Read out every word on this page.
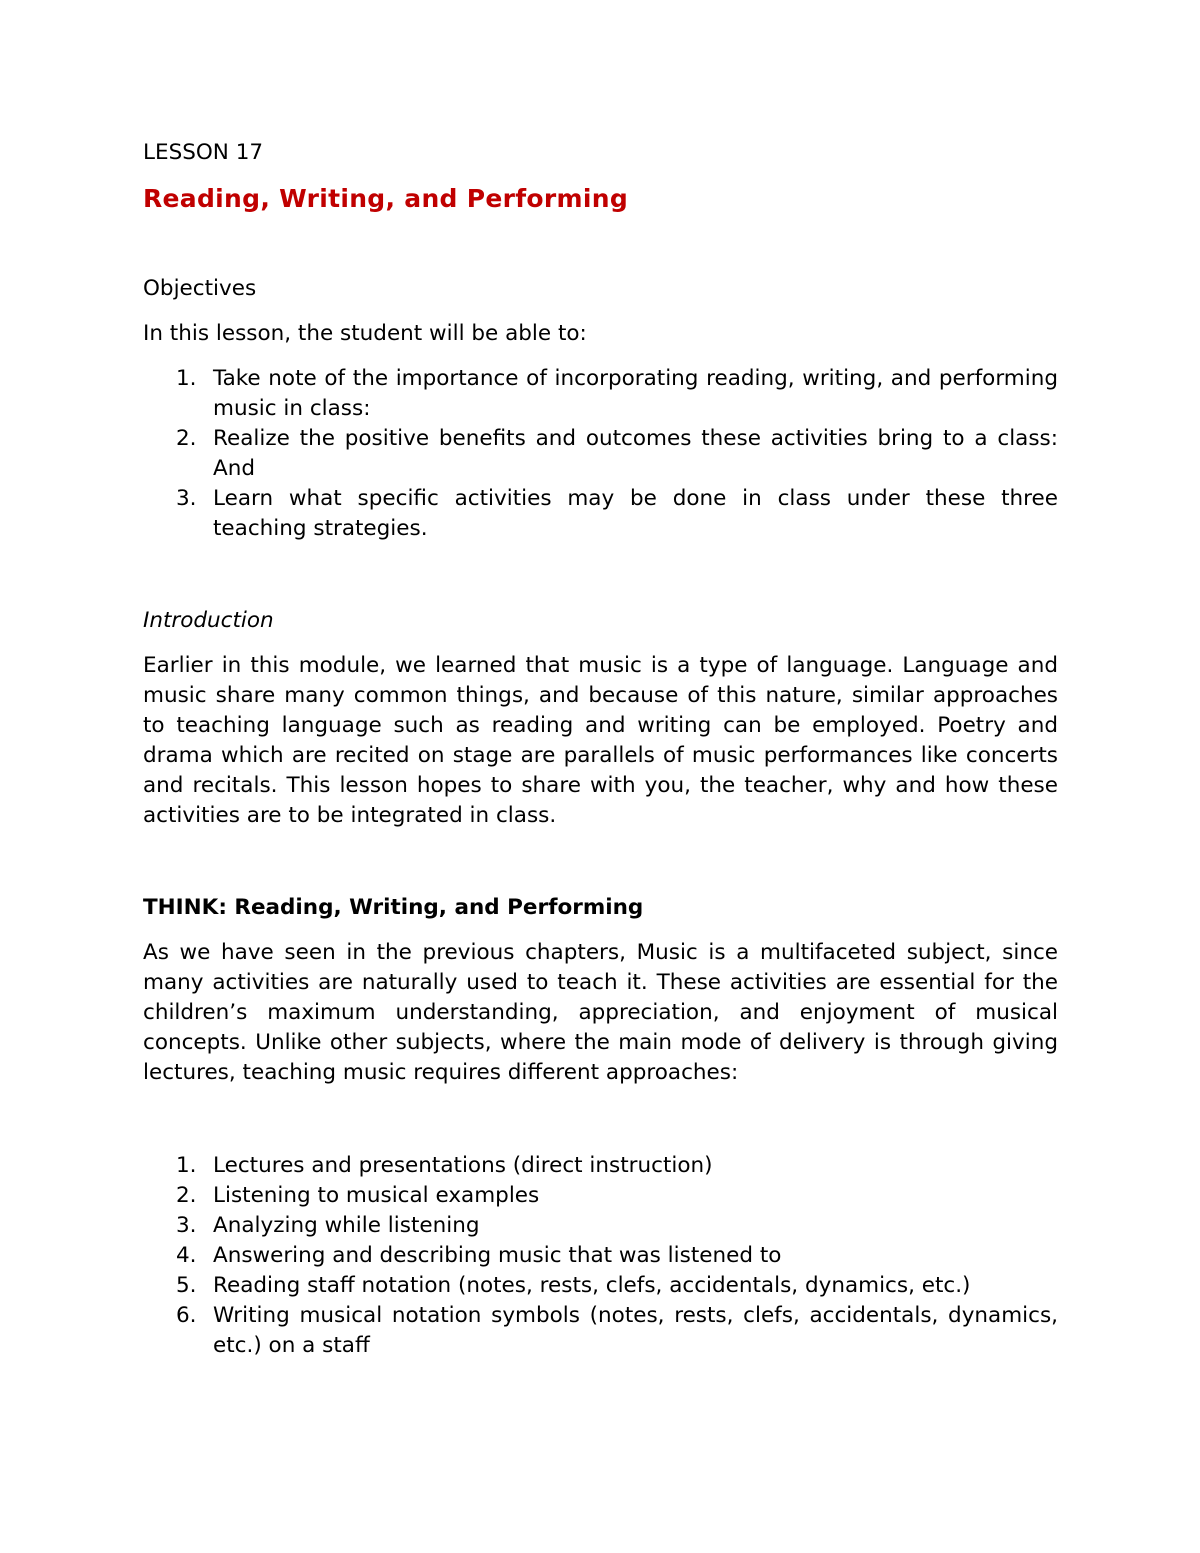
LESSON 17
Reading, Writing, and Performing
Objectives
In this lesson, the student will be able to:
1. Take note of the importance of incorporating reading, writing, and performing music in class:
2. Realize the positive benefits and outcomes these activities bring to a class: And
3. Learn what specific activities may be done in class under these three teaching strategies.
Introduction

Earlier in this module, we learned that music is a type of language. Language and music share many common things, and because of this nature, similar approaches to teaching language such as reading and writing can be employed. Poetry and drama which are recited on stage are parallels of music performances like concerts and recitals. This lesson hopes to share with you, the teacher, why and how these activities are to be integrated in class.

THINK: Reading, Writing, and Performing

As we have seen in the previous chapters, Music is a multifaceted subject, since many activities are naturally used to teach it. These activities are essential for the children’s maximum understanding, appreciation, and enjoyment of musical concepts. Unlike other subjects, where the main mode of delivery is through giving lectures, teaching music requires different approaches:

1. Lectures and presentations (direct instruction)
2. Listening to musical examples
3. Analyzing while listening
4. Answering and describing music that was listened to
5. Reading staff notation (notes, rests, clefs, accidentals, dynamics, etc.)
6. Writing musical notation symbols (notes, rests, clefs, accidentals, dynamics, etc.) on a staff
